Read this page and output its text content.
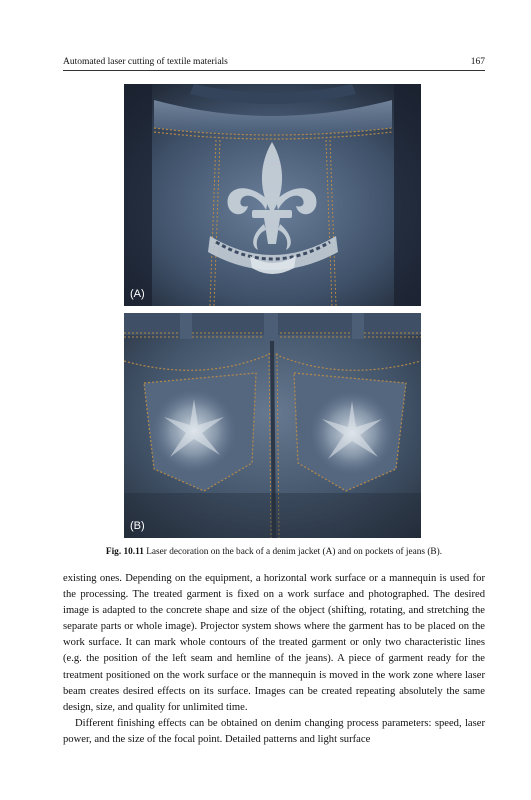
Automated laser cutting of textile materials	167
(A)
(B)
Fig. 10.11 Laser decoration on the back of a denim jacket (A) and on pockets of jeans (B).

existing ones. Depending on the equipment, a horizontal work surface or a mannequin is used for the processing. The treated garment is fixed on a work surface and photographed. The desired image is adapted to the concrete shape and size of the object (shifting, rotating, and stretching the separate parts or whole image). Projector system shows where the garment has to be placed on the work surface. It can mark whole contours of the treated garment or only two characteristic lines (e.g. the position of the left seam and hemline of the jeans). A piece of garment ready for the treatment positioned on the work surface or the mannequin is moved in the work zone where laser beam creates desired effects on its surface. Images can be created repeating absolutely the same design, size, and quality for unlimited time.

Different finishing effects can be obtained on denim changing process parameters: speed, laser power, and the size of the focal point. Detailed patterns and light surface
